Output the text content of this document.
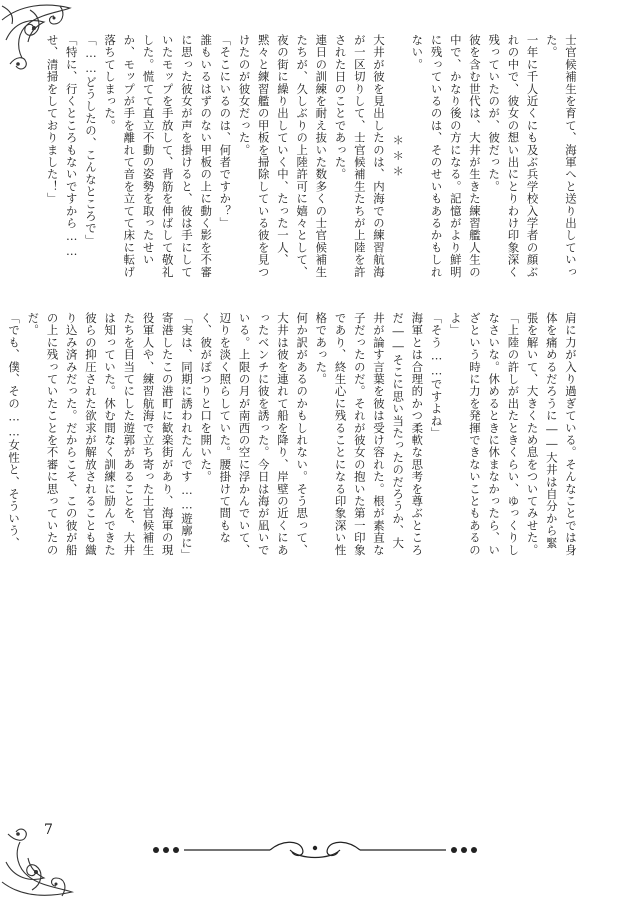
士官候補生を育て、海軍へと送り出していった。

一年に千人近くにも及ぶ兵学校入学者の顔ぶれの中で、彼女の想い出にとりわけ印象深く残っていたのが、彼だった。

彼を含む世代は、大井が生きた練習艦人生の中で、かなり後の方になる。記憶がより鮮明に残っているのは、そのせいもあるかもしれない。

＊＊＊

大井が彼を見出したのは、内海での練習航海が一区切りして、士官候補生たちが上陸を許された日のことであった。

連日の訓練を耐え抜いた数多くの士官候補生たちが、久しぶりの上陸許可に嬉々として、夜の街に繰り出していく中、たった一人、黙々と練習艦の甲板を掃除している彼を見つけたのが彼女だった。

「そこにいるのは、何者ですか？」

誰もいるはずのない甲板の上に動く影を不審に思った彼女が声を掛けると、彼は手にしていたモップを手放して、背筋を伸ばして敬礼した。慌てて直立不動の姿勢を取ったせいか、モップが手を離れて音を立てて床に転げ落ちてしまった。

「……どうしたの、こんなところで」

「特に、行くところもないですから……せ、清掃をしておりました！」

肩に力が入り過ぎている。そんなことでは身体を痛めるだろうに――大井は自分から緊張を解いて、大きくため息をついてみせた。

「上陸の許しが出たときくらい、ゆっくりしなさいな。休めるときに休まなかったら、いざという時に力を発揮できないこともあるのよ」

「そう……ですよね」

海軍とは合理的かつ柔軟な思考を尊ぶところだ――そこに思い当たったのだろうか、大井が論す言葉を彼は受け容れた。根が素直な子だったのだ。それが彼女の抱いた第一印象であり、終生心に残ることになる印象深い性格であった。

何か訳があるのかもしれない。そう思って、大井は彼を連れて船を降り、岸壁の近くにあったベンチに彼を誘った。今日は海が凪いでいる。上限の月が南西の空に浮かんでいて、辺りを淡く照らしていた。腰掛けて間もなく、彼がぽつりと口を開いた。

「実は、同期に誘われたんです……遊廓に」

寄港したこの港町に歓楽街があり、海軍の現役軍人や、練習航海で立ち寄った士官候補生たちを目当てにした遊郭があることを、大井は知っていた。休む間なく訓練に励んできた彼らの抑圧された欲求が解放されることも織り込み済みだった。だからこそ、この彼が船の上に残っていたことを不審に思っていたのだ。

「でも、僕、その……女性と、そういう、

7
